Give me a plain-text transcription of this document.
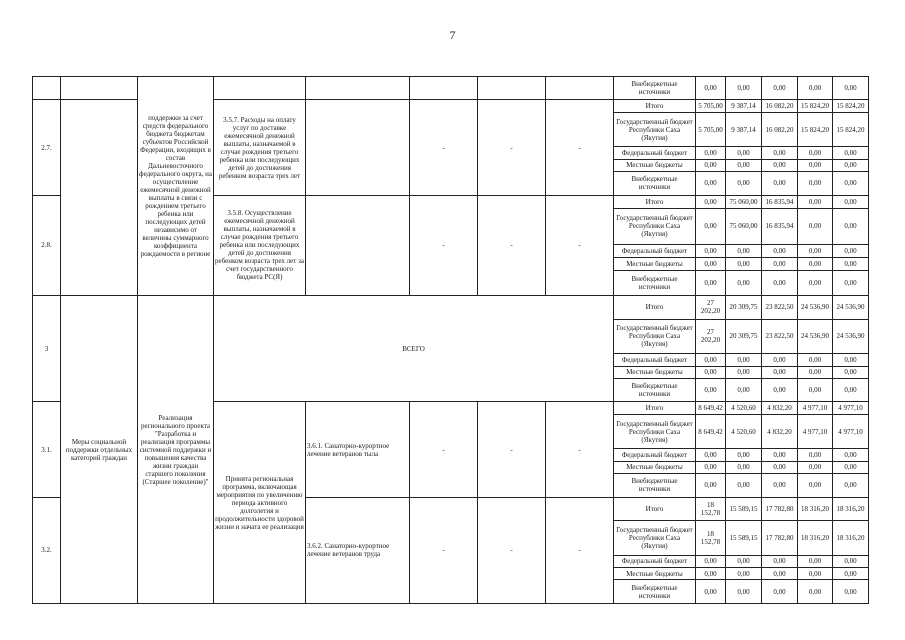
7
		поддержки за счет средств федерального бюджета бюджетам субъектов Российской Федерации, входящих в состав Дальневосточного федерального округа, на осуществление ежемесячной денежной выплаты в связи с рождением третьего ребенка или последующих детей независимо от величины суммарного коэффициента рождаемости в регионе						Внебюджетные источники	0,00	0,00	0,00	0,00	0,00
2.7.			3.5.7. Расходы на оплату услуг по доставке ежемесячной денежной выплаты, назначаемой в случае рождения третьего ребенка или последующих детей до достижения ребенком возраста трех лет		-	-	-	Итого	5 705,00	9 387,14	16 082,20	15 824,20	15 824,20
								Государственный бюджет Республики Саха (Якутия)	5 705,00	9 387,14	16 082,20	15 824,20	15 824,20
								Федеральный бюджет	0,00	0,00	0,00	0,00	0,00
								Местные бюджеты	0,00	0,00	0,00	0,00	0,00
								Внебюджетные источники	0,00	0,00	0,00	0,00	0,00
2.8.			3.5.8. Осуществление ежемесячной денежной выплаты, назначаемой в случае рождения третьего ребенка или последующих детей до достижения ребенком возраста трех лет за счет государственного бюджета РС(Я)		-	-	-	Итого	0,00	75 060,00	16 835,94	0,00	0,00
								Государственный бюджет Республики Саха (Якутия)	0,00	75 060,00	16 835,94	0,00	0,00
								Федеральный бюджет	0,00	0,00	0,00	0,00	0,00
								Местные бюджеты	0,00	0,00	0,00	0,00	0,00
								Внебюджетные источники	0,00	0,00	0,00	0,00	0,00
3	Меры социальной поддержки отдельных категорий граждан	Реализация регионального проекта "Разработка и реализация программы системной поддержки и повышения качества жизни граждан старшего поколения (Старшее поколение)"	ВСЕГО					Итого	27 202,20	20 309,75	23 822,50	24 536,90	24 536,90
								Государственный бюджет Республики Саха (Якутия)	27 202,20	20 309,75	23 822,50	24 536,90	24 536,90
								Федеральный бюджет	0,00	0,00	0,00	0,00	0,00
								Местные бюджеты	0,00	0,00	0,00	0,00	0,00
								Внебюджетные источники	0,00	0,00	0,00	0,00	0,00
3.1.			Принята региональная программа, включающая мероприятия по увеличению периода активного долголетия и продолжительности здоровой жизни и начата ее реализация	3.6.1. Санаторно-курортное лечение ветеранов тыла	-	-	-	Итого	8 649,42	4 520,60	4 832,20	4 977,10	4 977,10
								Государственный бюджет Республики Саха (Якутия)	8 649,42	4 520,60	4 832,20	4 977,10	4 977,10
								Федеральный бюджет	0,00	0,00	0,00	0,00	0,00
								Местные бюджеты	0,00	0,00	0,00	0,00	0,00
								Внебюджетные источники	0,00	0,00	0,00	0,00	0,00
3.2.				3.6.2. Санаторно-курортное лечение ветеранов труда	-	-	-	Итого	18 152,78	15 589,15	17 782,80	18 316,20	18 316,20
								Государственный бюджет Республики Саха (Якутия)	18 152,78	15 589,15	17 782,80	18 316,20	18 316,20
								Федеральный бюджет	0,00	0,00	0,00	0,00	0,00
								Местные бюджеты	0,00	0,00	0,00	0,00	0,00
								Внебюджетные источники	0,00	0,00	0,00	0,00	0,00
